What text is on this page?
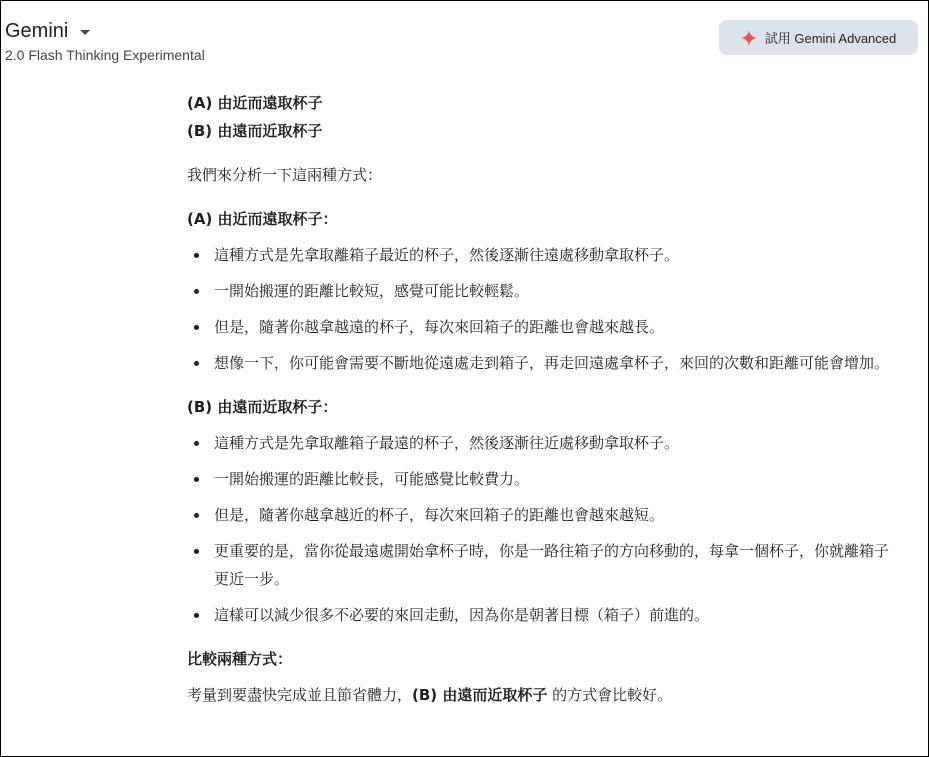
Gemini
2.0 Flash Thinking Experimental
試用 Gemini Advanced

(A) 由近而遠取杯子

(B) 由遠而近取杯子

我們來分析一下這兩種方式：

(A) 由近而遠取杯子：

這種方式是先拿取離箱子最近的杯子，然後逐漸往遠處移動拿取杯子。
一開始搬運的距離比較短，感覺可能比較輕鬆。
但是，隨著你越拿越遠的杯子，每次來回箱子的距離也會越來越長。
想像一下，你可能會需要不斷地從遠處走到箱子，再走回遠處拿杯子，來回的次數和距離可能會增加。

(B) 由遠而近取杯子：

這種方式是先拿取離箱子最遠的杯子，然後逐漸往近處移動拿取杯子。
一開始搬運的距離比較長，可能感覺比較費力。
但是，隨著你越拿越近的杯子，每次來回箱子的距離也會越來越短。
更重要的是，當你從最遠處開始拿杯子時，你是一路往箱子的方向移動的，每拿一個杯子，你就離箱子更近一步。
這樣可以減少很多不必要的來回走動，因為你是朝著目標（箱子）前進的。

比較兩種方式：

考量到要盡快完成並且節省體力，(B) 由遠而近取杯子 的方式會比較好。
